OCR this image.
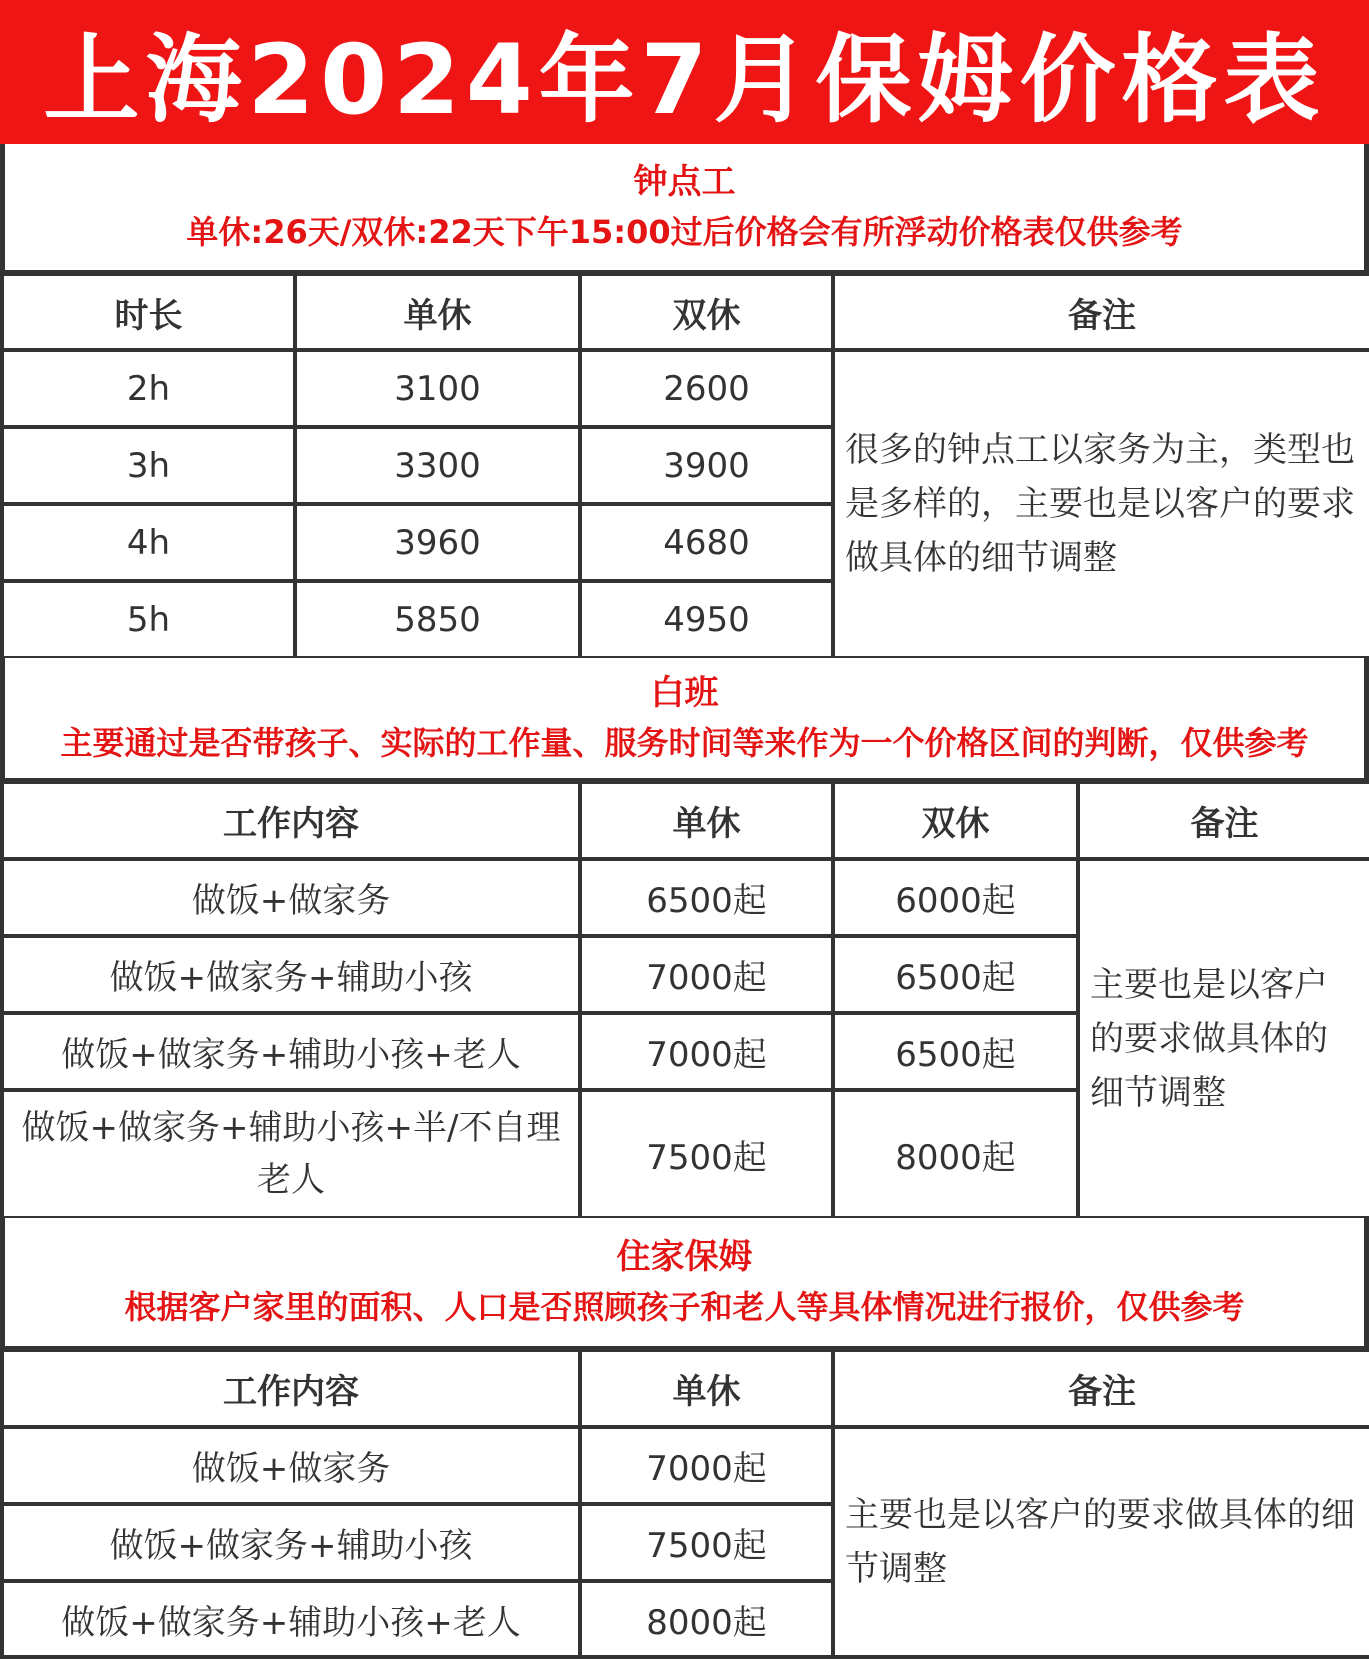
上海2024年7月保姆价格表
钟点工
单休:26天/双休:22天下午15:00过后价格会有所浮动价格表仅供参考
时长	单休	双休	备注
2h	3100	2600	很多的钟点工以家务为主，类型也是多样的，主要也是以客户的要求做具体的细节调整
3h	3300	3900	
4h	3960	4680	
5h	5850	4950	
白班
主要通过是否带孩子、实际的工作量、服务时间等来作为一个价格区间的判断，仅供参考
工作内容	单休	双休	备注
做饭+做家务	6500起	6000起	主要也是以客户的要求做具体的细节调整
做饭+做家务+辅助小孩	7000起	6500起	
做饭+做家务+辅助小孩+老人	7000起	6500起	
做饭+做家务+辅助小孩+半/不自理老人	7500起	8000起	
住家保姆
根据客户家里的面积、人口是否照顾孩子和老人等具体情况进行报价，仅供参考
工作内容	单休	备注
做饭+做家务	7000起	主要也是以客户的要求做具体的细节调整
做饭+做家务+辅助小孩	7500起	
做饭+做家务+辅助小孩+老人	8000起	
